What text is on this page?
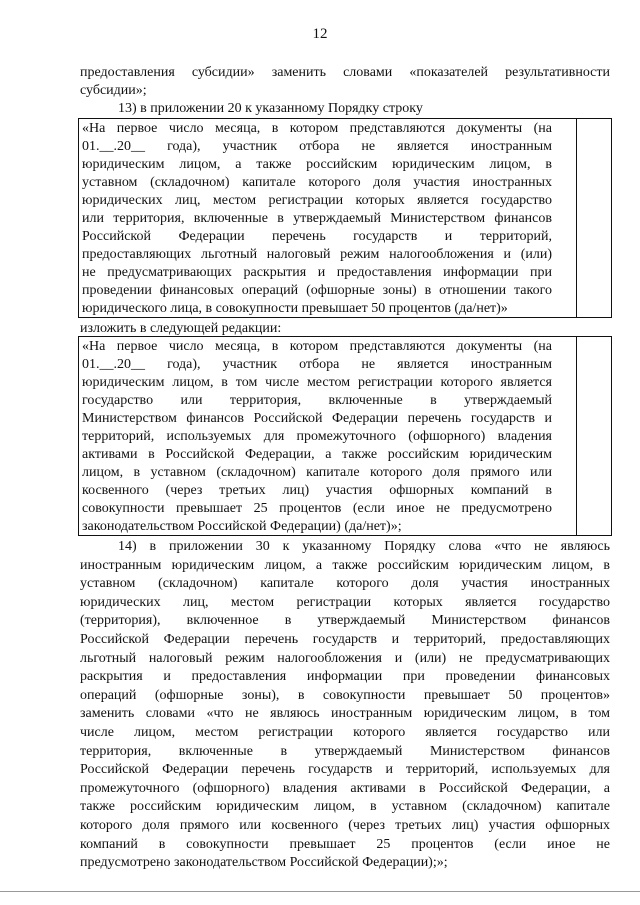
12
предоставления субсидии» заменить словами «показателей результативности
субсидии»;
13) в приложении 20 к указанному Порядку строку
«На первое число месяца, в котором представляются документы (на
01.__.20__ года), участник отбора не является иностранным
юридическим лицом, а также российским юридическим лицом, в
уставном (складочном) капитале которого доля участия иностранных
юридических лиц, местом регистрации которых является государство
или территория, включенные в утверждаемый Министерством финансов
Российской Федерации перечень государств и территорий,
предоставляющих льготный налоговый режим налогообложения и (или)
не предусматривающих раскрытия и предоставления информации при
проведении финансовых операций (офшорные зоны) в отношении такого
юридического лица, в совокупности превышает 50 процентов (да/нет)»
изложить в следующей редакции:
«На первое число месяца, в котором представляются документы (на
01.__.20__ года), участник отбора не является иностранным
юридическим лицом, в том числе местом регистрации которого является
государство или территория, включенные в утверждаемый
Министерством финансов Российской Федерации перечень государств и
территорий, используемых для промежуточного (офшорного) владения
активами в Российской Федерации, а также российским юридическим
лицом, в уставном (складочном) капитале которого доля прямого или
косвенного (через третьих лиц) участия офшорных компаний в
совокупности превышает 25 процентов (если иное не предусмотрено
законодательством Российской Федерации) (да/нет)»;
14) в приложении 30 к указанному Порядку слова «что не являюсь
иностранным юридическим лицом, а также российским юридическим лицом, в
уставном (складочном) капитале которого доля участия иностранных
юридических лиц, местом регистрации которых является государство
(территория), включенное в утверждаемый Министерством финансов
Российской Федерации перечень государств и территорий, предоставляющих
льготный налоговый режим налогообложения и (или) не предусматривающих
раскрытия и предоставления информации при проведении финансовых
операций (офшорные зоны), в совокупности превышает 50 процентов»
заменить словами «что не являюсь иностранным юридическим лицом, в том
числе лицом, местом регистрации которого является государство или
территория, включенные в утверждаемый Министерством финансов
Российской Федерации перечень государств и территорий, используемых для
промежуточного (офшорного) владения активами в Российской Федерации, а
также российским юридическим лицом, в уставном (складочном) капитале
которого доля прямого или косвенного (через третьих лиц) участия офшорных
компаний в совокупности превышает 25 процентов (если иное не
предусмотрено законодательством Российской Федерации);»;
